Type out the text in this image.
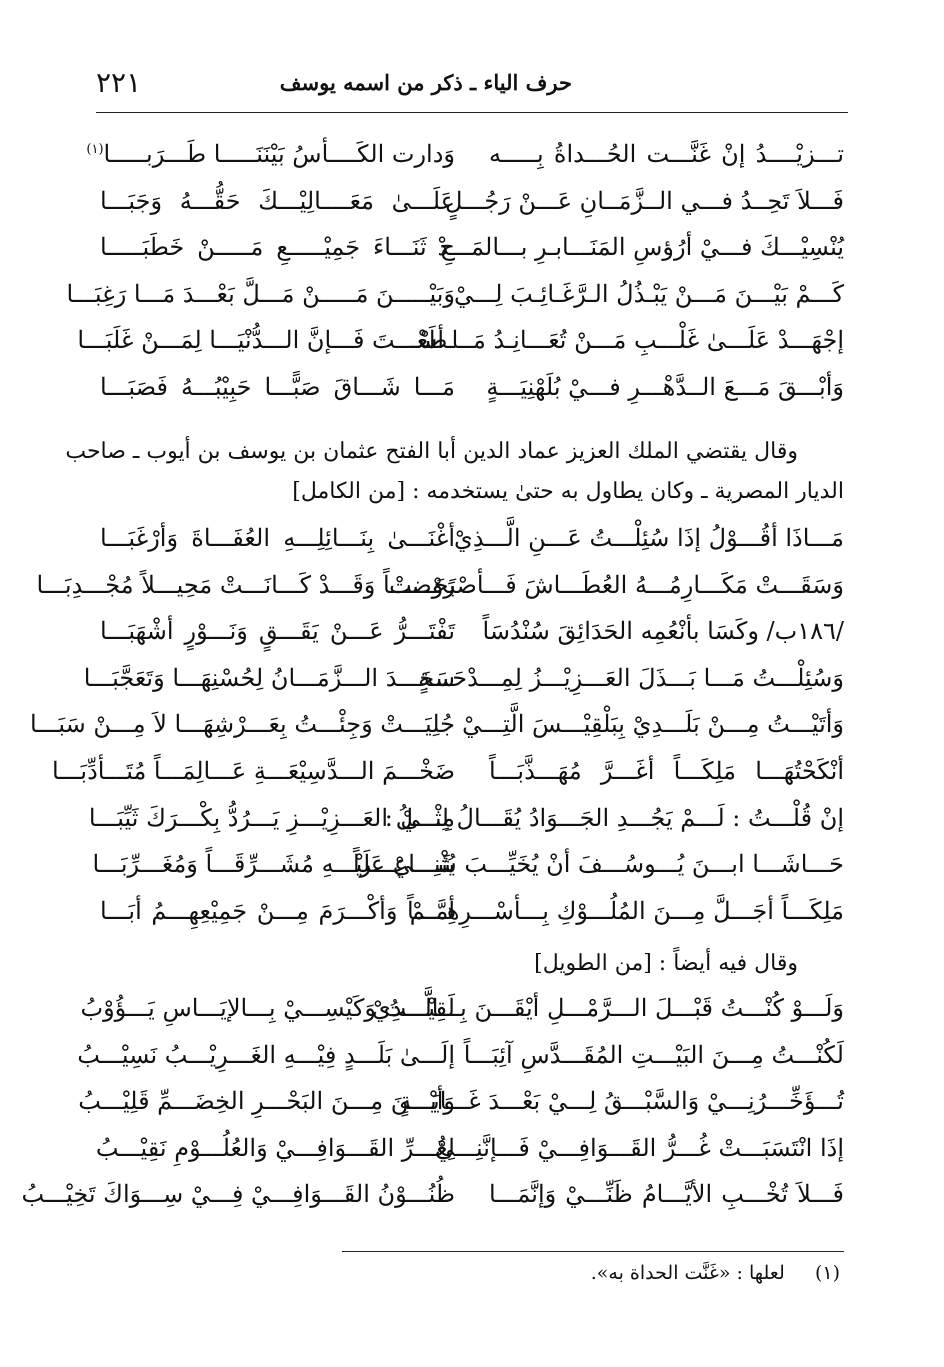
٢٢١	حرف الياء ـ ذكر من اسمه يوسف
تـــزيْــــدُ إنْ غَنَّـــت الحُـــداةُ بِـــــه
وَدارت الكَــــأسُ بَيْنَنَـــــا طَـــرَبـــــا$^{(١)}$
فَـــلاَ تَحِــدُ فـــي الــزَّمَــانِ عَـــنْ رَجُـــلٍ
عَلَـــىٰ مَعَــــالِيْـــكَ حَقُّـــهُ وَجَبَـــا
يُنْسِيْـــكَ فـــيْ أرُؤسِ المَنَـــابـرِ بـــالمَـــدْ
حِ ثَنَـــاءَ جَمِيْـــــعِ مَـــــنْ خَطَبَـــــا
كَـــمْ بَيْـــنَ مَـــنْ يَبْـذُلُ الـرَّغَـائِـبَ لِـــيْ
وَبَيْـــــنَ مَـــــنْ مَـــلَّ بَعْـــدَ مَـــا رَغِبَـــا
إجْهَـــدْ عَلَـــىٰ غَلْـــبِ مَـــنْ تُعَـــانِـدُ مَــا أسْـ
ـطَعْـــتَ فَـــإنَّ الـــدُّنْيَـــا لِمَـــنْ غَلَبَـــا
وَأبْـــقَ مَـــعَ الــدَّهْـــرِ فـــيْ بُلَهْنِيَـــةٍ
مَـــا شَـــاقَ صَبًّـــا حَبِيْبُـــهُ فَصَبَـــا
وقال يقتضي الملك العزيز عماد الدين أبا الفتح عثمان بن يوسف بن أيوب ـ صاحب
الديار المصرية ـ وكان يطاول به حتىٰ يستخدمه : [من الكامل]
مَـــاذَا أقُـــوْلُ إذَا سُئِلْـــتُ عَـــنِ الَّـــذِيْ
أغْنَـــىٰ بِنَـــائِلِـــهِ العُفَـــاةَ وَأرْغَبَـــا
وَسَقَـــتْ مَكَـــارِمُـــهُ العُطَـــاشَ فَـــأصْبَحَـــتْ
رَوْضـــاً وَقَـــدْ كَـــانَـــتْ مَحِيـــلاً مُجْـــدِبَـــا
/١٨٦ب/ وكَسَا بأنْعُمِه الحَدَائِقَ سُنْدُسَاً
تَفْتَـــرُّ عَـــنْ يَقَـــقٍ وَنَـــوْرٍ أشْهَبَـــا
وَسُئِلْـــتُ مَـــا بَـــذَلَ العَـــزِيْـــزُ لِمِـــدْحَـــةٍ
سَجَـــدَ الـــزَّمَـــانُ لِحُسْنِهَـــا وَتَعَجَّبَـــا
وَأتَيْـــتُ مِـــنْ بَلَـــدِيْ بِبَلْقِيْـــسَ الَّتِـــيْ
جُلِيَـــتْ وَجِئْـــتُ بِعَـــرْشِهَـــا لاَ مِـــنْ سَبَـــا
أنْكَحْتُهَـــا مَلِكَـــاً أغَـــرَّ مُهَـــذَّبَـــاً
ضَخْـــمَ الـــدَّسِيْعَـــةِ عَـــالِمَـــاً مُتَـــأدِّبَـــا
إنْ قُلْـــتُ : لَـــمْ يَجُـــدِ الجَـــوَادُ يُقَـــالُ لِـــيْ :
مِثْـــلُ العَـــزِيْـــزِ يَـــرُدُّ بِكْـــرَكَ ثَيِّبَـــا
حَـــاشَـــا ابـــنَ يُـــوسُـــفَ أنْ يُخَيِّـــبَ شَـــاعِـــراً
يُثْنِـــيْ عَلَيْـــهِ مُشَـــرِّقَـــاً وَمُغَـــرِّبَـــا
مَلِكَـــاً أجَـــلَّ مِـــنَ المُلُـــوْكِ بِـــأسْـــرِهِـــمْ
أمَّـــاً وَأكْـــرَمَ مِـــنْ جَمِيْعِهِـــمُ أبَـــا
وقال فيه أيضاً : [من الطويل]
وَلَـــوْ كُنْـــتُ قَبْـــلَ الـــرَّمْـــلِ أيْقَـــنَ بِـــالَّـــذِيْ
لَقِيْـــتُ وَكَيْسِـــيْ بِـــالإيَـــاسِ يَـــؤُوْبُ
لَكُنْـــتُ مِـــنَ البَيْـــتِ المُقَـــدَّسِ آئِبَـــاً
إلَـــىٰ بَلَـــدٍ فِيْـــهِ الغَـــرِيْـــبُ نَسِيْـــبُ
تُـــؤَخِّـــرُنِـــيْ وَالسَّبْـــقُ لِـــيْ بَعْـــدَ غَـــايَـــةٍ
وَأيْـــنَ مِـــنَ البَحْـــرِ الخِضَـــمِّ قَلِيْـــبُ
إذَا انْتَسَبَـــتْ غُـــرُّ القَـــوَافِـــيْ فَـــإنَّنِـــيْ
لِغُـــرِّ القَـــوَافِـــيْ وَالعُلُـــوْمِ نَقِيْـــبُ
فَـــلاَ تُخْـــبِ الأيَّـــامُ ظَنِّـــيْ وَإنَّمَـــا
ظُنُـــوْنُ القَـــوَافِـــيْ فِـــيْ سِـــوَاكَ تَخِيْـــبُ
(١)     لعلها : «غَنَّت الحداة به».
